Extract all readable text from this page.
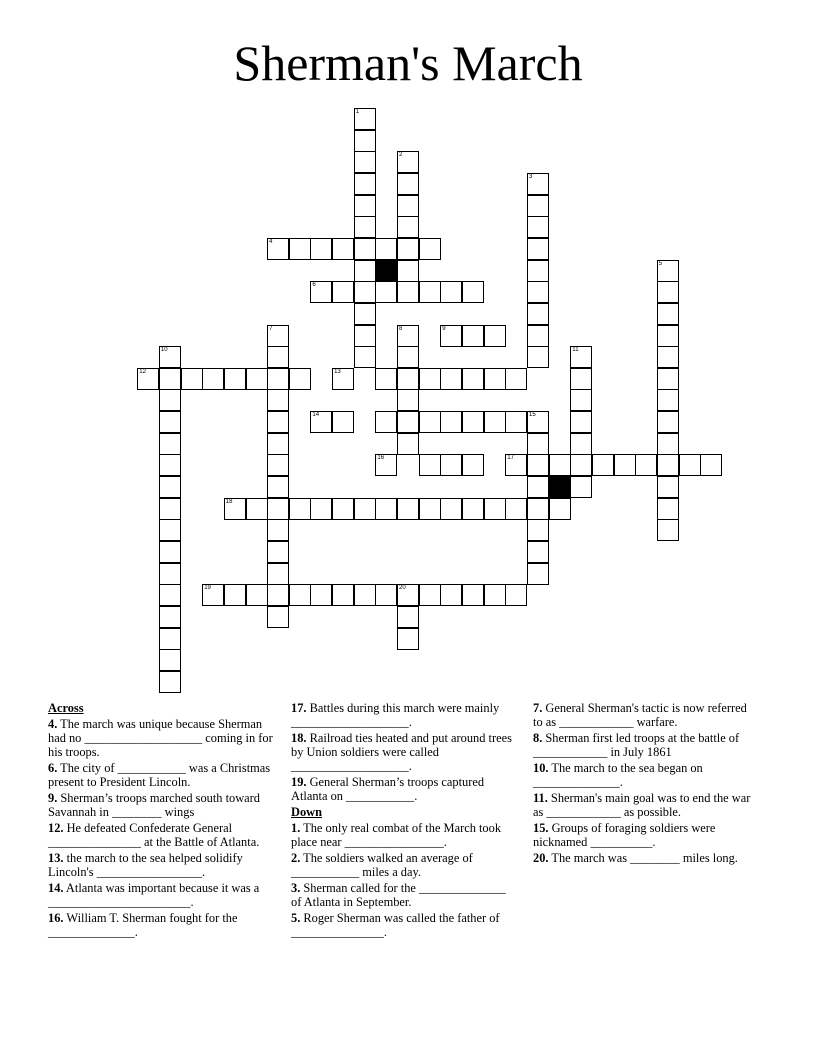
Sherman's March
1
2
3
4
5
6
7	8	9
10	11
12	13
14	15
16	17
18
19	20
Across
4. The march was unique because Sherman had no ___________________ coming in for his troops.
6. The city of ___________ was a Christmas present to President Lincoln.
9. Sherman’s troops marched south toward Savannah in ________ wings
12. He defeated Confederate General _______________ at the Battle of Atlanta.
13. the march to the sea helped solidify Lincoln's _________________.
14. Atlanta was important because it was a _______________________.
16. William T. Sherman fought for the ______________.
17. Battles during this march were mainly ___________________.
18. Railroad ties heated and put around trees by Union soldiers were called ___________________.
19. General Sherman’s troops captured Atlanta on ___________.
Down
1. The only real combat of the March took place near ________________.
2. The soldiers walked an average of ___________ miles a day.
3. Sherman called for the ______________ of Atlanta in September.
5. Roger Sherman was called the father of _______________.
7. General Sherman's tactic is now referred to as ____________ warfare.
8. Sherman first led troops at the battle of ____________ in July 1861
10. The march to the sea began on ______________.
11. Sherman's main goal was to end the war as ____________ as possible.
15. Groups of foraging soldiers were nicknamed __________.
20. The march was ________ miles long.
